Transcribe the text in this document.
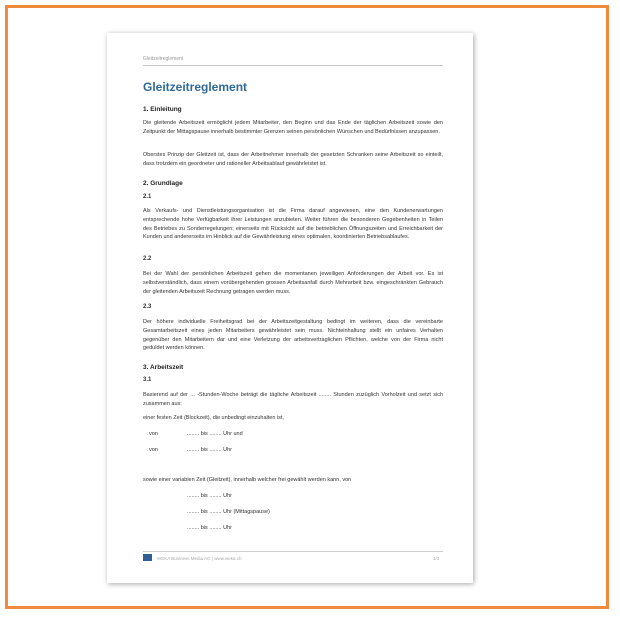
Gleitzeitreglement
Gleitzeitreglement
1. Einleitung
Die gleitende Arbeitszeit ermöglicht jedem Mitarbeiter, den Beginn und das Ende der täglichen Arbeitszeit sowie den Zeitpunkt der Mittagspause innerhalb bestimmter Grenzen seinen persönlichen Wünschen und Bedürfnissen anzupassen.
Oberstes Prinzip der Gleitzeit ist, dass der Arbeitnehmer innerhalb der gesetzten Schranken seine Arbeitszeit so einteilt, dass trotzdem ein geordneter und rationeller Arbeitsablauf gewährleistet ist.
2. Grundlage
2.1
Als Verkaufs- und Dienstleistungsorganisation ist die Firma darauf angewiesen, eine den Kundenerwartungen entsprechende hohe Verfügbarkeit ihrer Leistungen anzubieten. Weiter führen die besonderen Gegebenheiten in Teilen des Betriebes zu Sonderregelungen; einerseits mit Rücksicht auf die betrieblichen Öffnungszeiten und Erreichbarkeit der Kunden und andererseits im Hinblick auf die Gewährleistung eines optimalen, koordinierten Betriebsablaufes.
2.2
Bei der Wahl der persönlichen Arbeitszeit gehen die momentanen jeweiligen Anforderungen der Arbeit vor. Es ist selbstverständlich, dass einem vorübergehenden grossen Arbeitsanfall durch Mehrarbeit bzw. eingeschränkten Gebrauch der gleitenden Arbeitszeit Rechnung getragen werden muss.
2.3
Der höhere individuelle Freiheitsgrad bei der Arbeitszeitgestaltung bedingt im weiteren, dass die vereinbarte Gesamtarbeitszeit eines jeden Mitarbeiters gewährleistet sein muss. Nichteinhaltung stellt ein unfaires Verhalten gegenüber den Mitarbeitern dar und eine Verletzung der arbeitsvertraglichen Pflichten, welche von der Firma nicht geduldet werden können.
3. Arbeitszeit
3.1
Basierend auf der ... -Stunden-Woche beträgt die tägliche Arbeitszeit ........ Stunden zuzüglich Vorholzeit und setzt sich zusammen aus:
einer festen Zeit (Blockzeit), die unbedingt einzuhalten ist,
von	........ bis ........ Uhr und
von	........ bis ........ Uhr
sowie einer variablen Zeit (Gleitzeit), innerhalb welcher frei gewählt werden kann, von
........ bis ........ Uhr
........ bis ........ Uhr (Mittagspause)
........ bis ........ Uhr
WEKA Business Media AG | www.weka.ch	1/3
